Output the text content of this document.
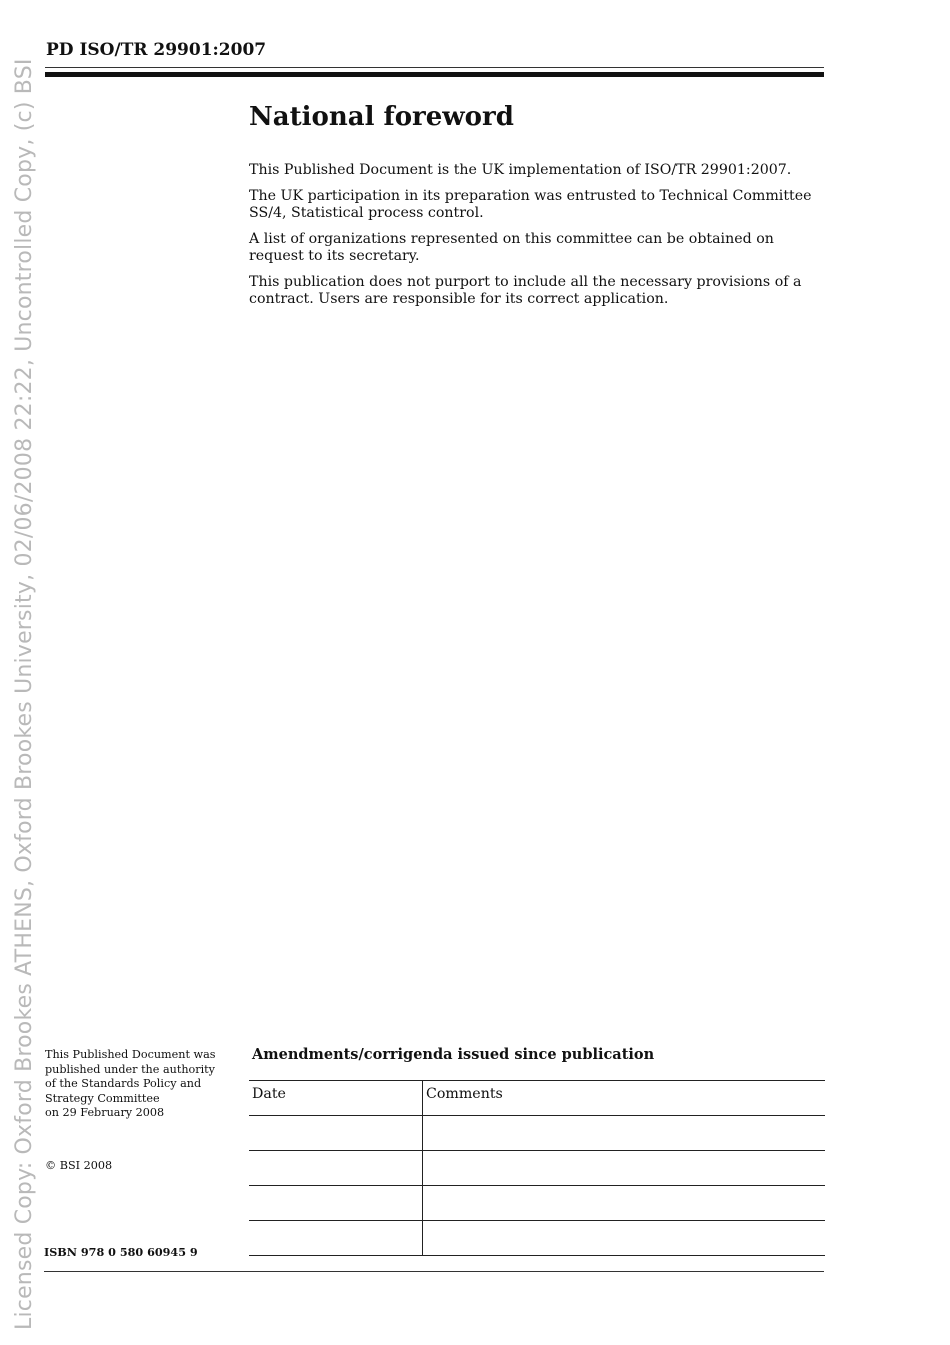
Licensed Copy: Oxford Brookes ATHENS, Oxford Brookes University, 02/06/2008 22:22, Uncontrolled Copy, (c) BSI
PD ISO/TR 29901:2007
National foreword

This Published Document is the UK implementation of ISO/TR 29901:2007.

The UK participation in its preparation was entrusted to Technical Committee SS/4, Statistical process control.

A list of organizations represented on this committee can be obtained on request to its secretary.

This publication does not purport to include all the necessary provisions of a contract. Users are responsible for its correct application.

This Published Document was
published under the authority
of the Standards Policy and
Strategy Committee
on 29 February 2008
© BSI 2008
ISBN 978 0 580 60945 9
Amendments/corrigenda issued since publication
Date	Comments
